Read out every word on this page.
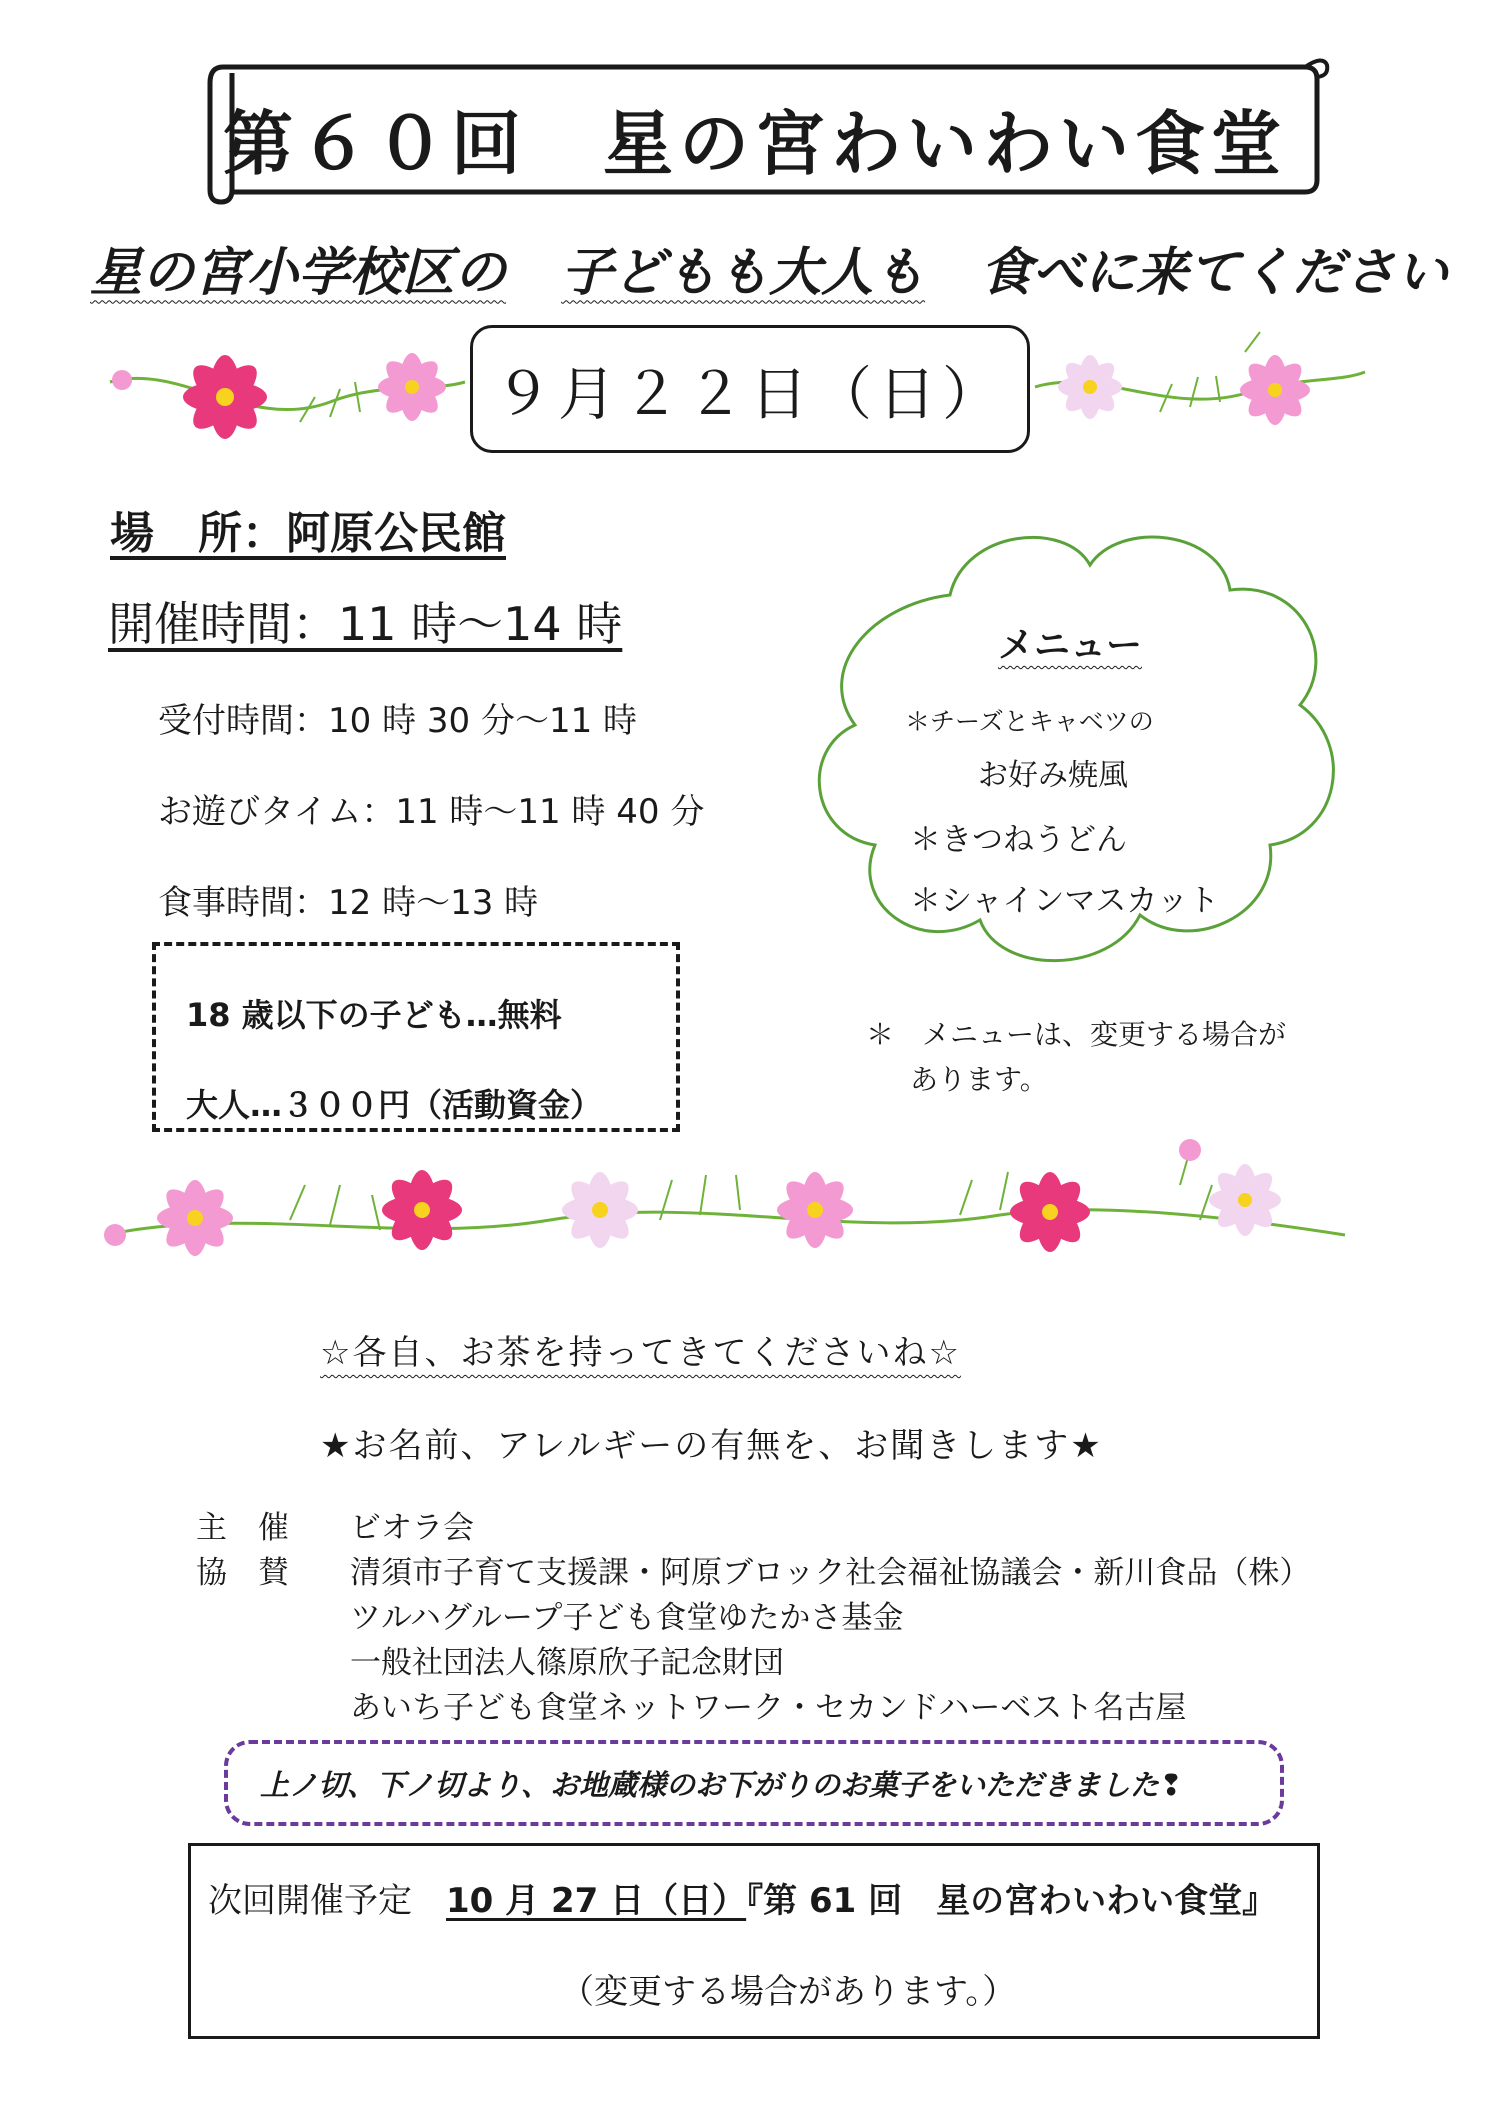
第６０回　星の宮わいわい食堂
星の宮小学校区の 子どもも大人も 食べに来てください
９月２２日（日）
場　所：阿原公民館
開催時間：11 時～14 時
受付時間：10 時 30 分～11 時
お遊びタイム：11 時～11 時 40 分
食事時間：12 時～13 時
18 歳以下の子ども…無料
大人…３００円（活動資金）
メニュー
＊チーズとキャベツの
お好み焼風
＊きつねうどん
＊シャインマスカット
＊　メニューは、変更する場合が
あります。
☆各自、お茶を持ってきてくださいね☆
★お名前、アレルギーの有無を、お聞きします★
主　催 ビオラ会
協　賛 清須市子育て支援課・阿原ブロック社会福祉協議会・新川食品（株）
ツルハグループ子ども食堂ゆたかさ基金
一般社団法人篠原欣子記念財団
あいち子ども食堂ネットワーク・セカンドハーベスト名古屋
上ノ切、下ノ切より、お地蔵様のお下がりのお菓子をいただきました❢
次回開催予定　10 月 27 日（日）『第 61 回　星の宮わいわい食堂』
（変更する場合があります。）
